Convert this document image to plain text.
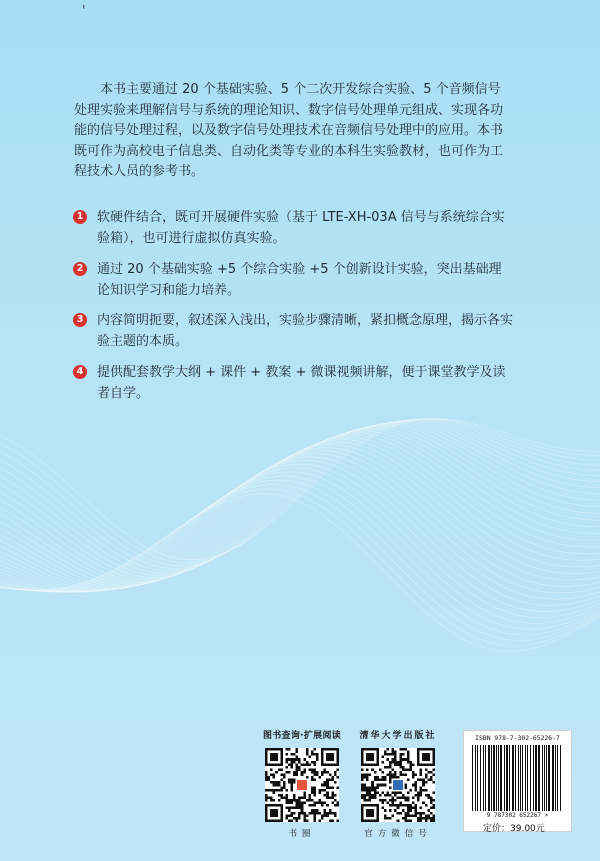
'

本书主要通过 20 个基础实验、5 个二次开发综合实验、5 个音频信号处理实验来理解信号与系统的理论知识、数字信号处理单元组成、实现各功能的信号处理过程，以及数字信号处理技术在音频信号处理中的应用。本书既可作为高校电子信息类、自动化类等专业的本科生实验教材，也可作为工程技术人员的参考书。

1 软硬件结合，既可开展硬件实验（基于 LTE-XH-03A 信号与系统综合实验箱），也可进行虚拟仿真实验。
2 通过 20 个基础实验 +5 个综合实验 +5 个创新设计实验，突出基础理论知识学习和能力培养。
3 内容简明扼要，叙述深入浅出，实验步骤清晰，紧扣概念原理，揭示各实验主题的本质。
4 提供配套教学大纲 + 课件 + 教案 + 微课视频讲解，便于课堂教学及读者自学。
图书查询·扩展阅读
书圈
清华大学出版社
官方微信号
ISBN 978-7-302-65226-7
9 787302 652267 >
定价：39.00元
